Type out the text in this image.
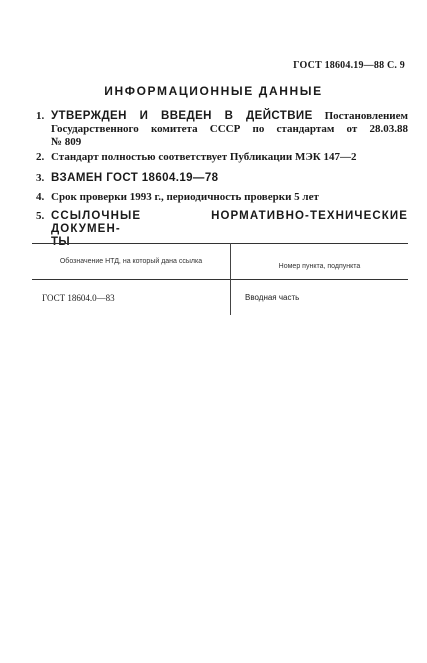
ГОСТ 18604.19—88 С. 9
ИНФОРМАЦИОННЫЕ ДАННЫЕ
1. УТВЕРЖДЕН И ВВЕДЕН В ДЕЙСТВИЕ Постановлением
Государственного комитета СССР по стандартам от 28.03.88
№ 809
2. Стандарт полностью соответствует Публикации МЭК 147—2
3. ВЗАМЕН ГОСТ 18604.19—78
4. Срок проверки 1993 г., периодичность проверки 5 лет
5. ССЫЛОЧНЫЕ НОРМАТИВНО-ТЕХНИЧЕСКИЕ ДОКУМЕН-
ТЫ
Обозначение НТД, на который дана ссылка
Номер пункта, подпункта
ГОСТ 18604.0—83	Вводная часть
